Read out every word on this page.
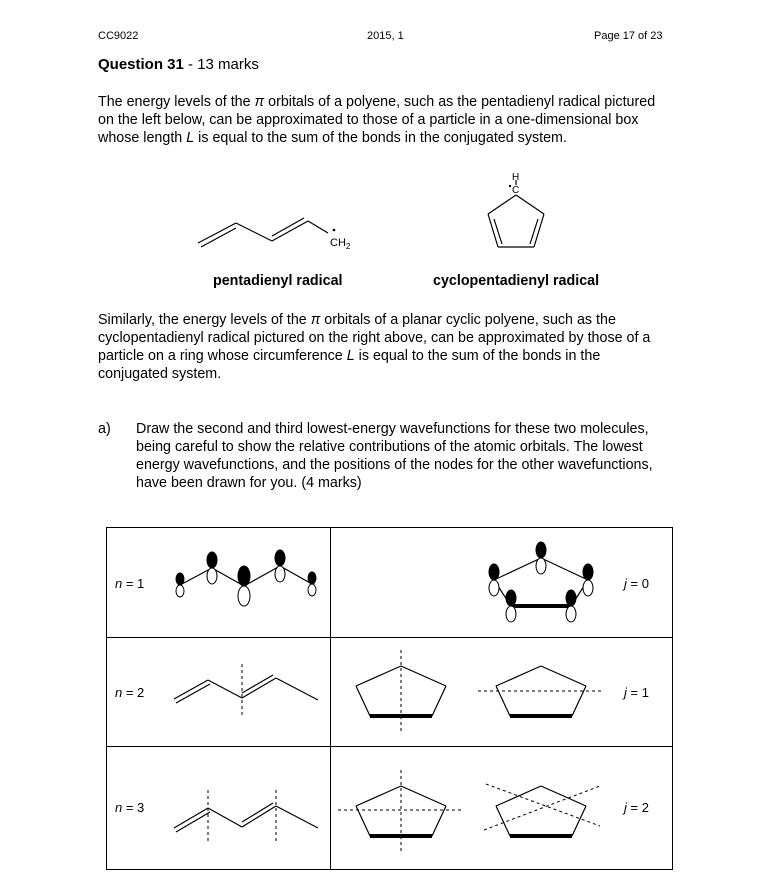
CC9022	2015, 1	Page 17 of 23
Question 31 - 13 marks

The energy levels of the π orbitals of a polyene, such as the pentadienyl radical pictured on the left below, can be approximated to those of a particle in a one-dimensional box whose length L is equal to the sum of the bonds in the conjugated system.

$CH_2$
H
C
pentadienyl radical	cyclopentadienyl radical

Similarly, the energy levels of the π orbitals of a planar cyclic polyene, such as the cyclopentadienyl radical pictured on the right above, can be approximated by those of a particle on a ring whose circumference L is equal to the sum of the bonds in the conjugated system.

a) Draw the second and third lowest-energy wavefunctions for these two molecules, being careful to show the relative contributions of the atomic orbitals. The lowest energy wavefunctions, and the positions of the nodes for the other wavefunctions, have been drawn for you. (4 marks)
n = 1
n = 2
n = 3
j = 0
j = 1
j = 2
